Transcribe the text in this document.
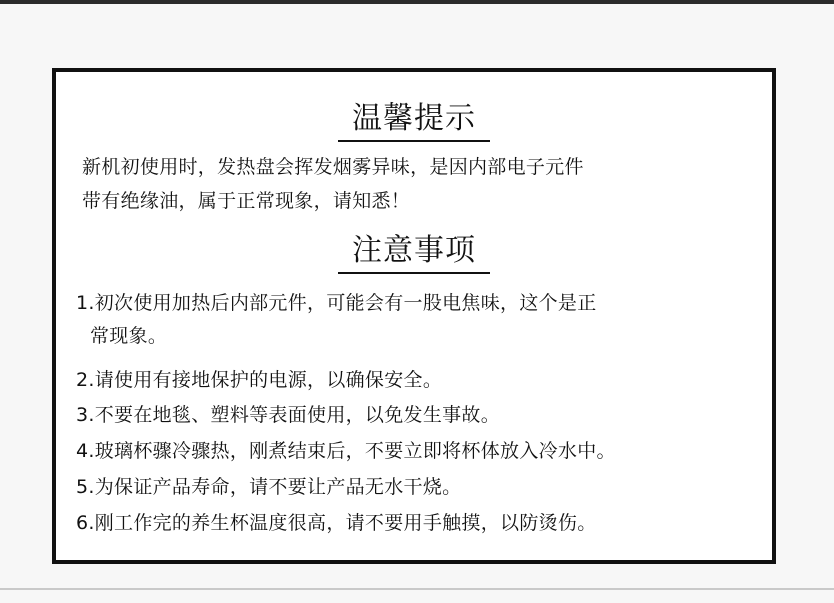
温馨提示
新机初使用时，发热盘会挥发烟雾异味，是因内部电子元件
带有绝缘油，属于正常现象，请知悉！
注意事项
1.初次使用加热后内部元件，可能会有一股电焦味，这个是正
常现象。
2.请使用有接地保护的电源，以确保安全。
3.不要在地毯、塑料等表面使用，以免发生事故。
4.玻璃杯骤冷骤热，刚煮结束后，不要立即将杯体放入冷水中。
5.为保证产品寿命，请不要让产品无水干烧。
6.刚工作完的养生杯温度很高，请不要用手触摸，以防烫伤。
